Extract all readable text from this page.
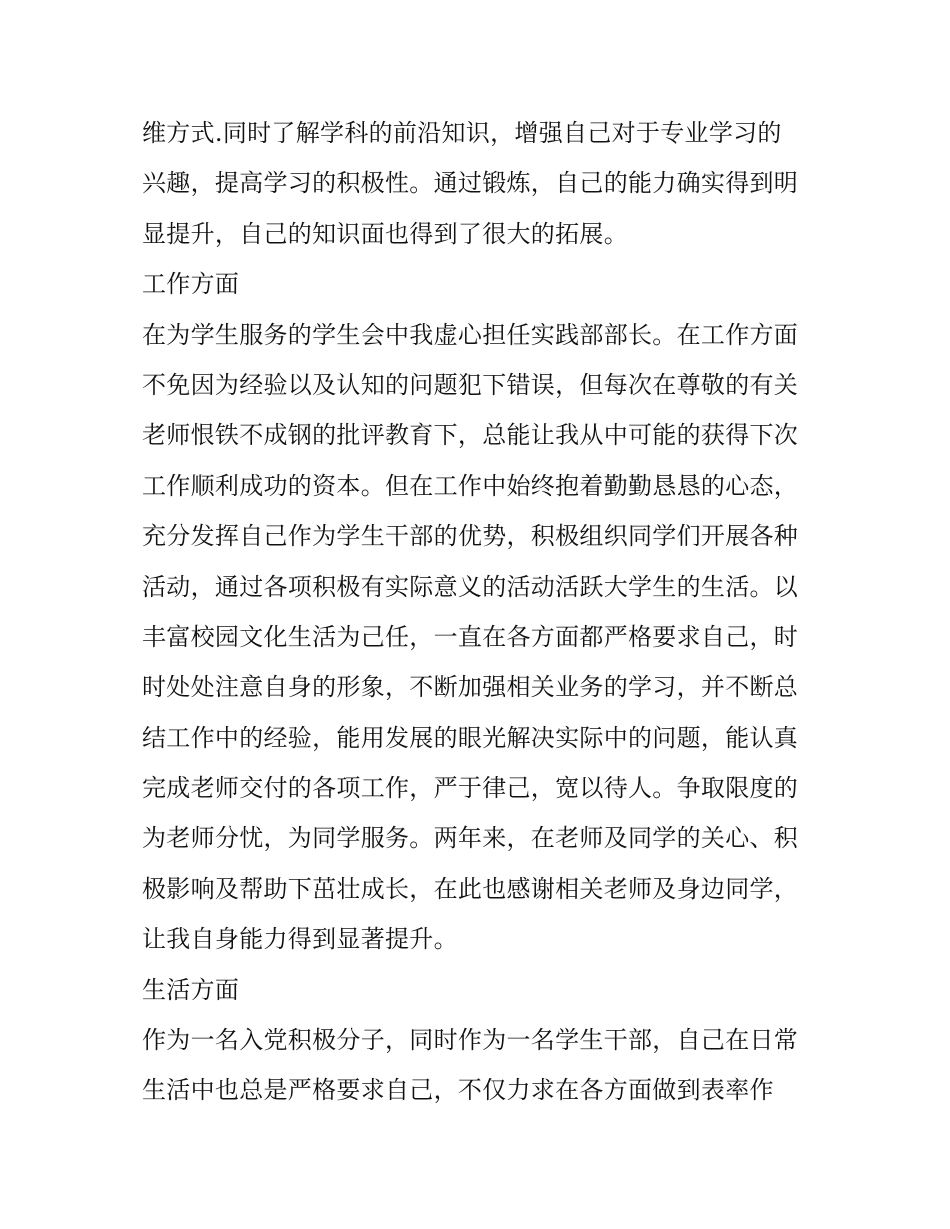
维方式.同时了解学科的前沿知识，增强自己对于专业学习的
兴趣，提高学习的积极性。通过锻炼，自己的能力确实得到明
显提升，自己的知识面也得到了很大的拓展。
工作方面
在为学生服务的学生会中我虚心担任实践部部长。在工作方面
不免因为经验以及认知的问题犯下错误，但每次在尊敬的有关
老师恨铁不成钢的批评教育下，总能让我从中可能的获得下次
工作顺利成功的资本。但在工作中始终抱着勤勤恳恳的心态，
充分发挥自己作为学生干部的优势，积极组织同学们开展各种
活动，通过各项积极有实际意义的活动活跃大学生的生活。以
丰富校园文化生活为己任，一直在各方面都严格要求自己，时
时处处注意自身的形象，不断加强相关业务的学习，并不断总
结工作中的经验，能用发展的眼光解决实际中的问题，能认真
完成老师交付的各项工作，严于律己，宽以待人。争取限度的
为老师分忧，为同学服务。两年来，在老师及同学的关心、积
极影响及帮助下茁壮成长，在此也感谢相关老师及身边同学，
让我自身能力得到显著提升。
生活方面
作为一名入党积极分子，同时作为一名学生干部，自己在日常
生活中也总是严格要求自己，不仅力求在各方面做到表率作
